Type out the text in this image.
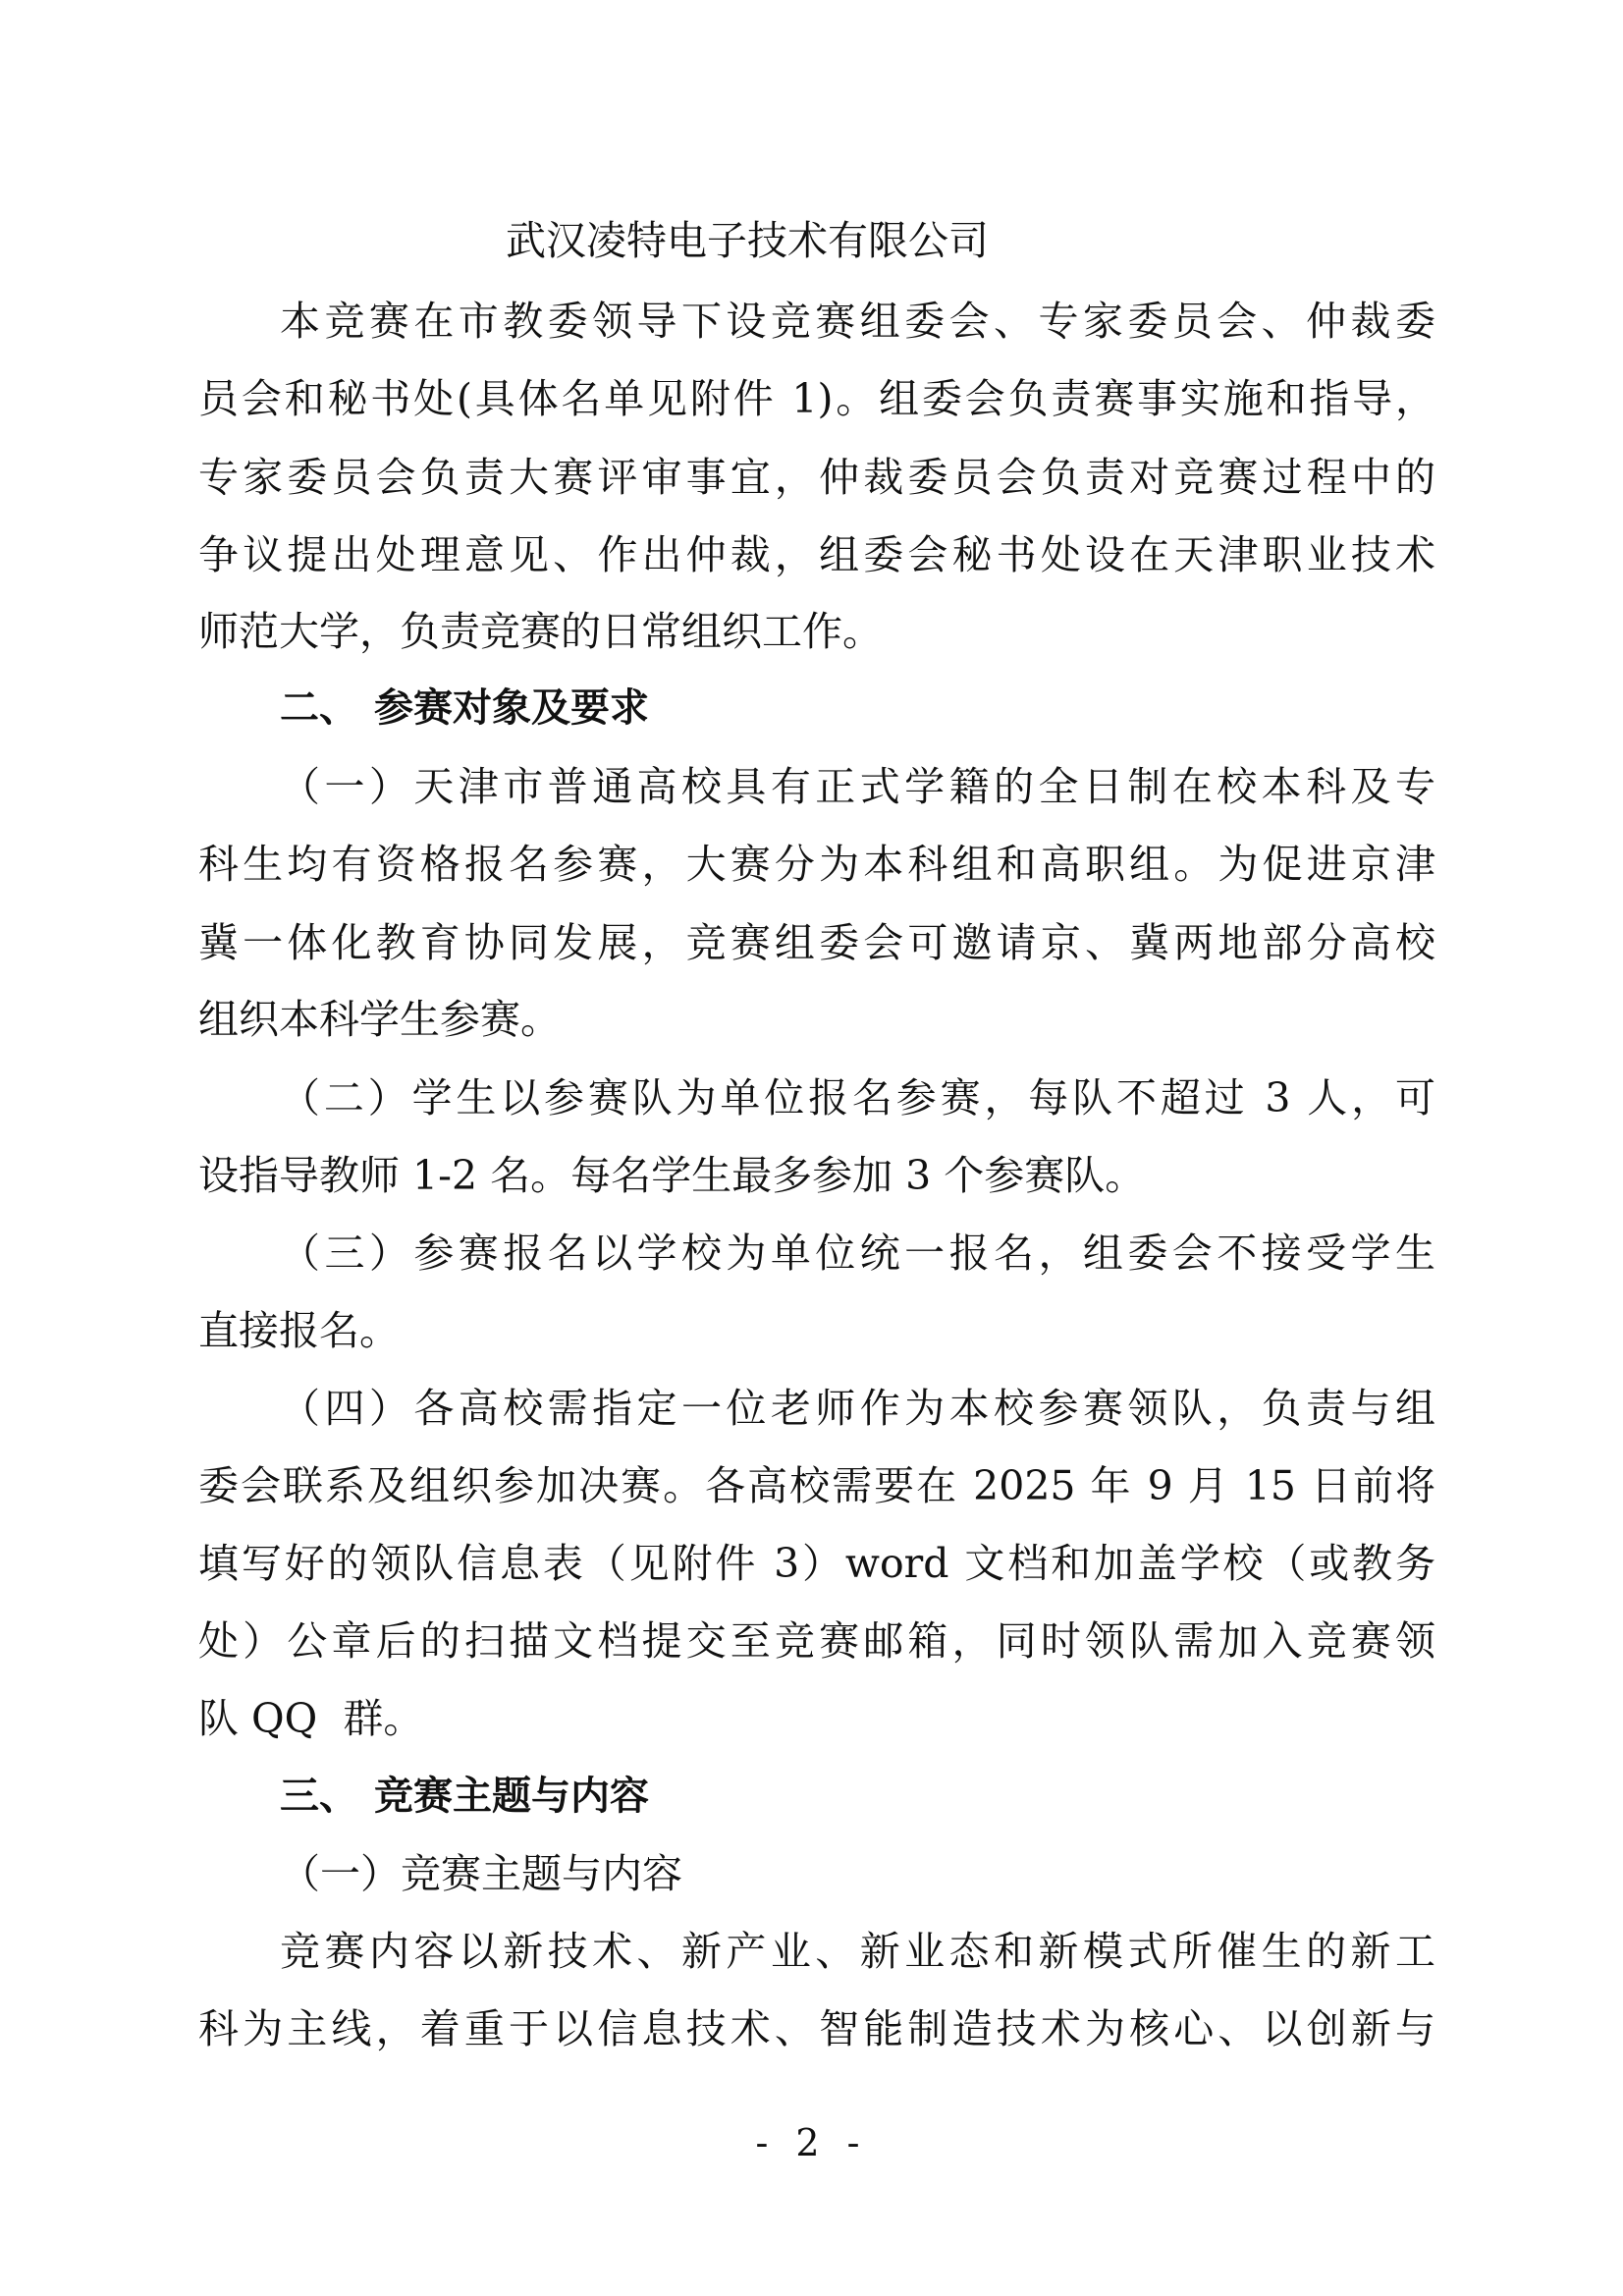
武汉凌特电子技术有限公司
本竞赛在市教委领导下设竞赛组委会、专家委员会、仲裁委
员会和秘书处(具体名单见附件 1)。组委会负责赛事实施和指导，
专家委员会负责大赛评审事宜，仲裁委员会负责对竞赛过程中的
争议提出处理意见、作出仲裁，组委会秘书处设在天津职业技术
师范大学，负责竞赛的日常组织工作。
二、 参赛对象及要求
（一）天津市普通高校具有正式学籍的全日制在校本科及专
科生均有资格报名参赛，大赛分为本科组和高职组。为促进京津
冀一体化教育协同发展，竞赛组委会可邀请京、冀两地部分高校
组织本科学生参赛。
（二）学生以参赛队为单位报名参赛，每队不超过 3 人，可
设指导教师 1-2 名。每名学生最多参加 3 个参赛队。
（三）参赛报名以学校为单位统一报名，组委会不接受学生
直接报名。
（四）各高校需指定一位老师作为本校参赛领队，负责与组
委会联系及组织参加决赛。各高校需要在 2025 年 9 月 15 日前将
填写好的领队信息表（见附件 3）word 文档和加盖学校（或教务
处）公章后的扫描文档提交至竞赛邮箱，同时领队需加入竞赛领
队 QQ  群。
三、 竞赛主题与内容
（一）竞赛主题与内容
竞赛内容以新技术、新产业、新业态和新模式所催生的新工
科为主线，着重于以信息技术、智能制造技术为核心、以创新与
- 2 -
